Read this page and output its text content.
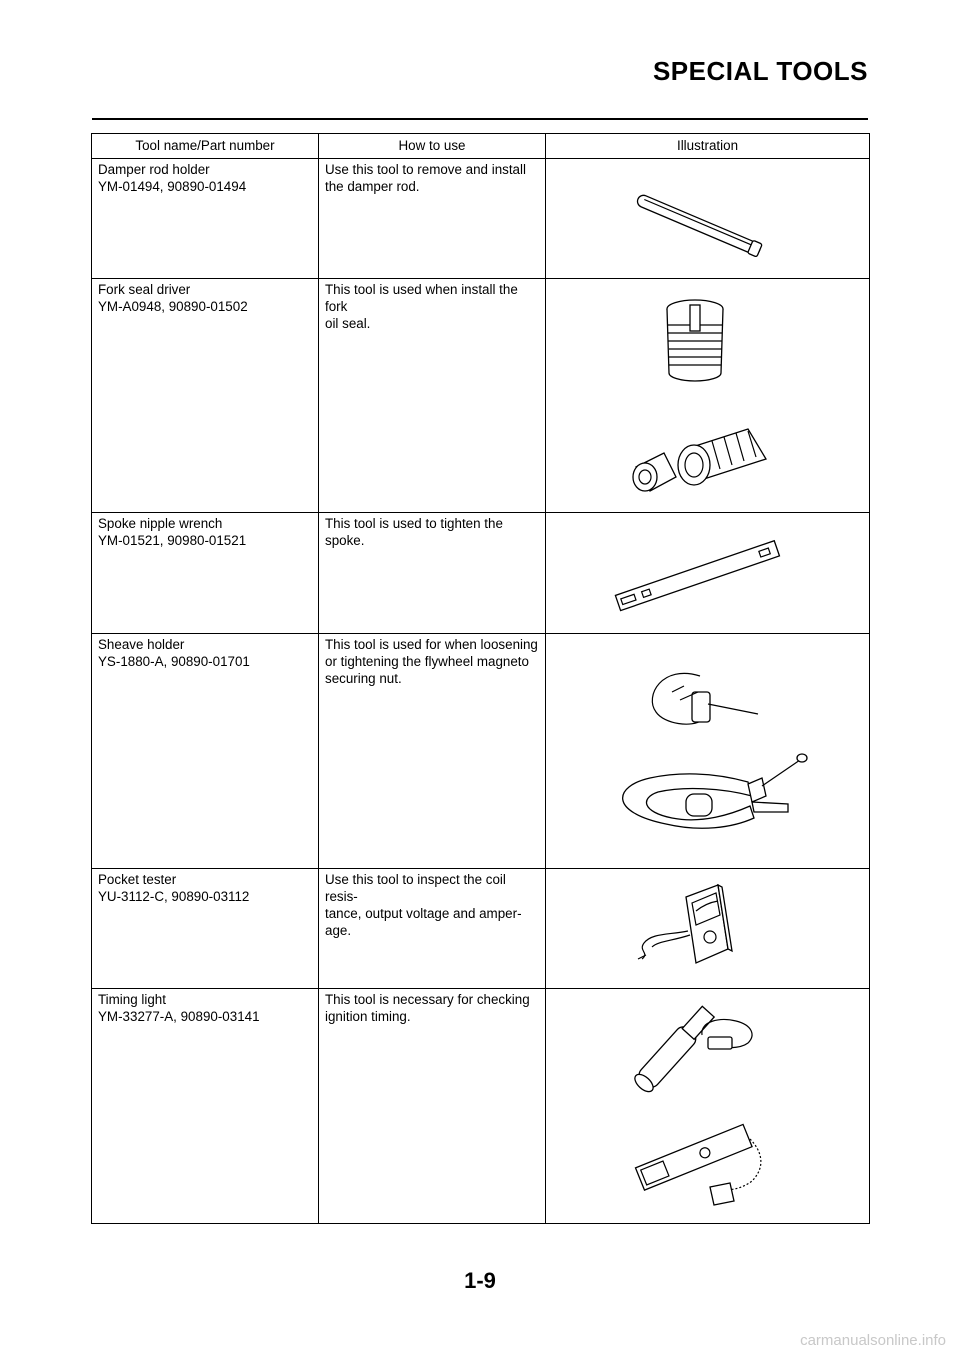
SPECIAL TOOLS
Tool name/Part number	How to use	Illustration

Damper rod holder
YM-01494, 90890-01494	Use this tool to remove and install
the damper rod.

Fork seal driver
YM-A0948, 90890-01502	This tool is used when install the fork
oil seal.

Spoke nipple wrench
YM-01521, 90980-01521	This tool is used to tighten the
spoke.

Sheave holder
YS-1880-A, 90890-01701	This tool is used for when loosening
or tightening the flywheel magneto
securing nut.

Pocket tester
YU-3112-C, 90890-03112	Use this tool to inspect the coil resis-
tance, output voltage and amper-
age.

Timing light
YM-33277-A, 90890-03141	This tool is necessary for checking
ignition timing.

1-9
carmanualsonline.info
